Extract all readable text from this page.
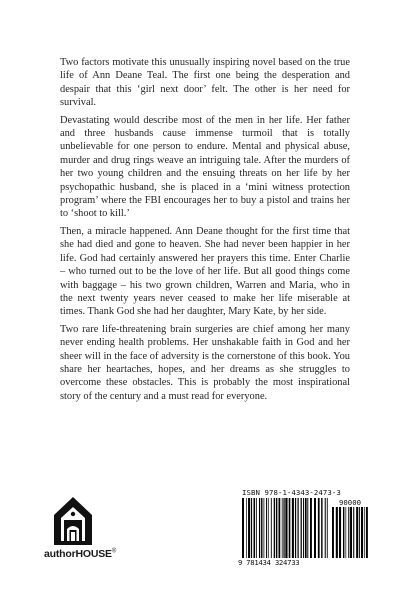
Two factors motivate this unusually inspiring novel based on the true life of Ann Deane Teal. The first one being the desperation and despair that this ‘girl next door’ felt. The other is her need for survival.

Devastating would describe most of the men in her life. Her father and three husbands cause immense turmoil that is totally unbelievable for one person to endure. Mental and physical abuse, murder and drug rings weave an intriguing tale. After the murders of her two young children and the ensuing threats on her life by her psychopathic husband, she is placed in a ‘mini witness protection program’ where the FBI encourages her to buy a pistol and trains her to ‘shoot to kill.’

Then, a miracle happened. Ann Deane thought for the first time that she had died and gone to heaven. She had never been happier in her life. God had certainly answered her prayers this time. Enter Charlie – who turned out to be the love of her life. But all good things come with baggage – his two grown children, Warren and Maria, who in the next twenty years never ceased to make her life miserable at times. Thank God she had her daughter, Mary Kate, by her side.

Two rare life-threatening brain surgeries are chief among her many never ending health problems. Her unshakable faith in God and her sheer will in the face of adversity is the cornerstone of this book. You share her heartaches, hopes, and her dreams as she struggles to overcome these obstacles. This is probably the most inspirational story of the century and a must read for everyone.

authorHOUSE®
ISBN 978-1-4343-2473-3
90000
9 781434 324733
